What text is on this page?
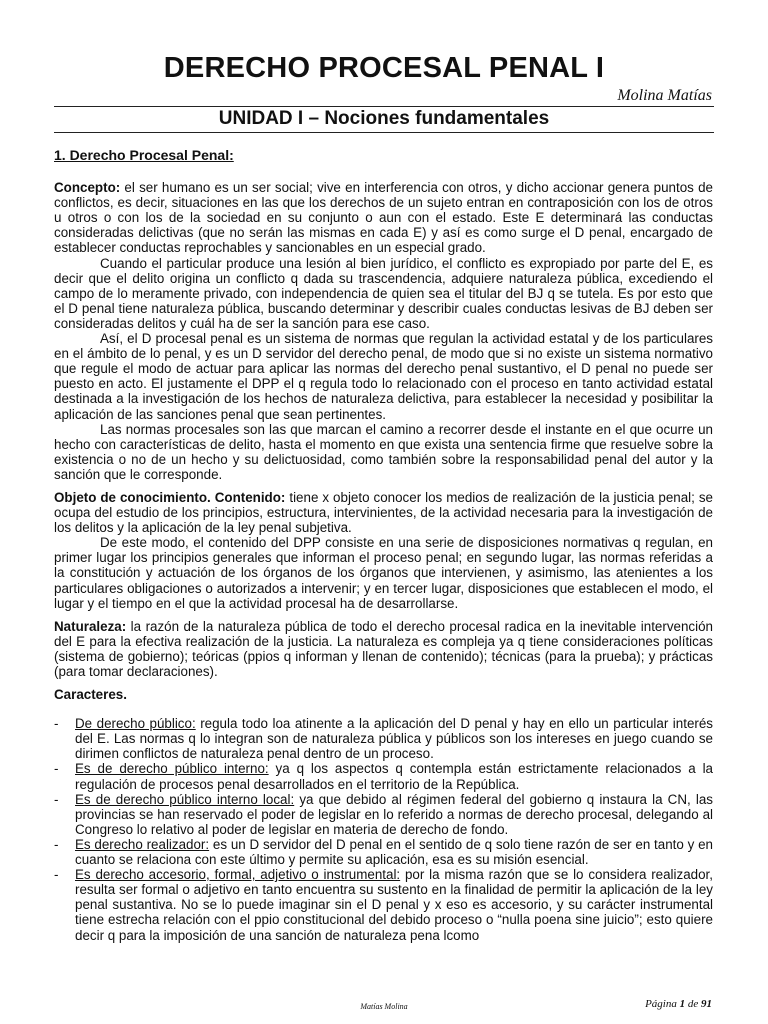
DERECHO PROCESAL PENAL I
Molina Matías
UNIDAD I – Nociones fundamentales

1. Derecho Procesal Penal:

Concepto: el ser humano es un ser social; vive en interferencia con otros, y dicho accionar genera puntos de conflictos, es decir, situaciones en las que los derechos de un sujeto entran en contraposición con los de otros u otros o con los de la sociedad en su conjunto o aun con el estado. Este E determinará las conductas consideradas delictivas (que no serán las mismas en cada E) y así es como surge el D penal, encargado de establecer conductas reprochables y sancionables en un especial grado.

Cuando el particular produce una lesión al bien jurídico, el conflicto es expropiado por parte del E, es decir que el delito origina un conflicto q dada su trascendencia, adquiere naturaleza pública, excediendo el campo de lo meramente privado, con independencia de quien sea el titular del BJ q se tutela. Es por esto que el D penal tiene naturaleza pública, buscando determinar y describir cuales conductas lesivas de BJ deben ser consideradas delitos y cuál ha de ser la sanción para ese caso.

Así, el D procesal penal es un sistema de normas que regulan la actividad estatal y de los particulares en el ámbito de lo penal, y es un D servidor del derecho penal, de modo que si no existe un sistema normativo que regule el modo de actuar para aplicar las normas del derecho penal sustantivo, el D penal no puede ser puesto en acto. El justamente el DPP el q regula todo lo relacionado con el proceso en tanto actividad estatal destinada a la investigación de los hechos de naturaleza delictiva, para establecer la necesidad y posibilitar la aplicación de las sanciones penal que sean pertinentes.

Las normas procesales son las que marcan el camino a recorrer desde el instante en el que ocurre un hecho con características de delito, hasta el momento en que exista una sentencia firme que resuelve sobre la existencia o no de un hecho y su delictuosidad, como también sobre la responsabilidad penal del autor y la sanción que le corresponde.

Objeto de conocimiento. Contenido: tiene x objeto conocer los medios de realización de la justicia penal; se ocupa del estudio de los principios, estructura, intervinientes, de la actividad necesaria para la investigación de los delitos y la aplicación de la ley penal subjetiva.

De este modo, el contenido del DPP consiste en una serie de disposiciones normativas q regulan, en primer lugar los principios generales que informan el proceso penal; en segundo lugar, las normas referidas a la constitución y actuación de los órganos de los órganos que intervienen, y asimismo, las atenientes a los particulares obligaciones o autorizados a intervenir; y en tercer lugar, disposiciones que establecen el modo, el lugar y el tiempo en el que la actividad procesal ha de desarrollarse.

Naturaleza: la razón de la naturaleza pública de todo el derecho procesal radica en la inevitable intervención del E para la efectiva realización de la justicia. La naturaleza es compleja ya q tiene consideraciones políticas (sistema de gobierno); teóricas (ppios q informan y llenan de contenido); técnicas (para la prueba); y prácticas (para tomar declaraciones).

Caracteres.

- De derecho público: regula todo loa atinente a la aplicación del D penal y hay en ello un particular interés del E. Las normas q lo integran son de naturaleza pública y públicos son los intereses en juego cuando se dirimen conflictos de naturaleza penal dentro de un proceso.
- Es de derecho público interno: ya q los aspectos q contempla están estrictamente relacionados a la regulación de procesos penal desarrollados en el territorio de la República.
- Es de derecho público interno local: ya que debido al régimen federal del gobierno q instaura la CN, las provincias se han reservado el poder de legislar en lo referido a normas de derecho procesal, delegando al Congreso lo relativo al poder de legislar en materia de derecho de fondo.
- Es derecho realizador: es un D servidor del D penal en el sentido de q solo tiene razón de ser en tanto y en cuanto se relaciona con este último y permite su aplicación, esa es su misión esencial.
- Es derecho accesorio, formal, adjetivo o instrumental: por la misma razón que se lo considera realizador, resulta ser formal o adjetivo en tanto encuentra su sustento en la finalidad de permitir la aplicación de la ley penal sustantiva. No se lo puede imaginar sin el D penal y x eso es accesorio, y su carácter instrumental tiene estrecha relación con el ppio constitucional del debido proceso o “nulla poena sine juicio”; esto quiere decir q para la imposición de una sanción de naturaleza pena lcomo
Matías Molina	Página 1 de 91
